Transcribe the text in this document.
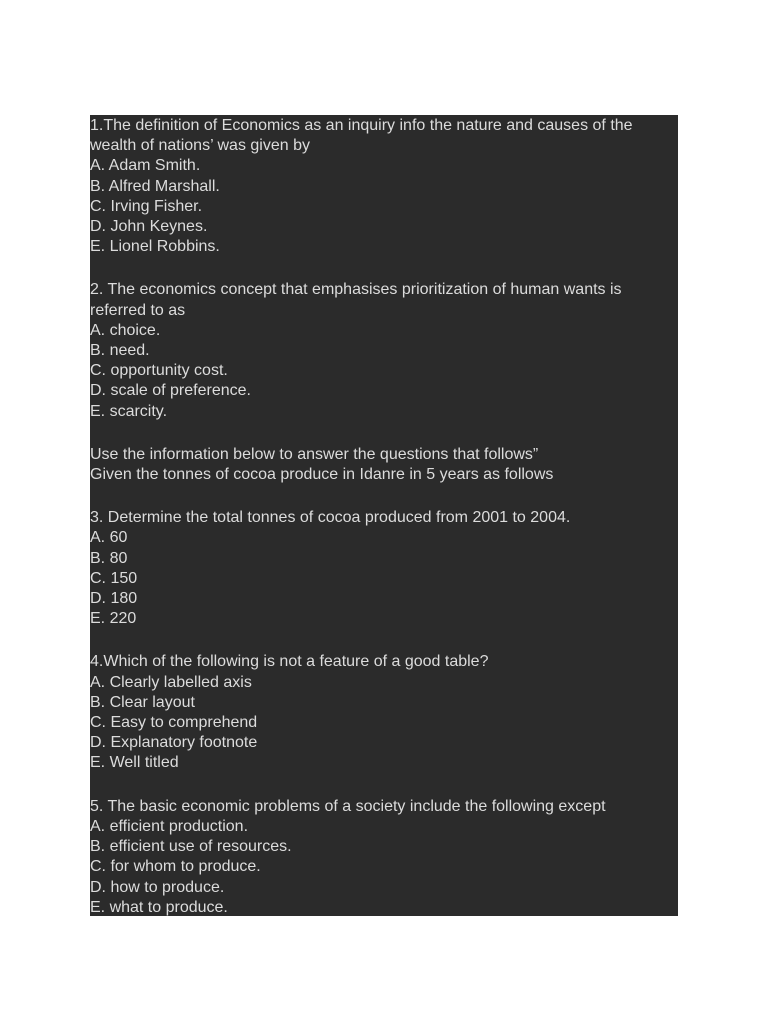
1.The definition of Economics as an inquiry info the nature and causes of the
wealth of nations’ was given by
A. Adam Smith.
B. Alfred Marshall.
C. Irving Fisher.
D. John Keynes.
E. Lionel Robbins.
2. The economics concept that emphasises prioritization of human wants is
referred to as
A. choice.
B. need.
C. opportunity cost.
D. scale of preference.
E. scarcity.
Use the information below to answer the questions that follows”
Given the tonnes of cocoa produce in Idanre in 5 years as follows
3. Determine the total tonnes of cocoa produced from 2001 to 2004.
A. 60
B. 80
C. 150
D. 180
E. 220
4.Which of the following is not a feature of a good table?
A. Clearly labelled axis
B. Clear layout
C. Easy to comprehend
D. Explanatory footnote
E. Well titled
5. The basic economic problems of a society include the following except
A. efficient production.
B. efficient use of resources.
C. for whom to produce.
D. how to produce.
E. what to produce.
